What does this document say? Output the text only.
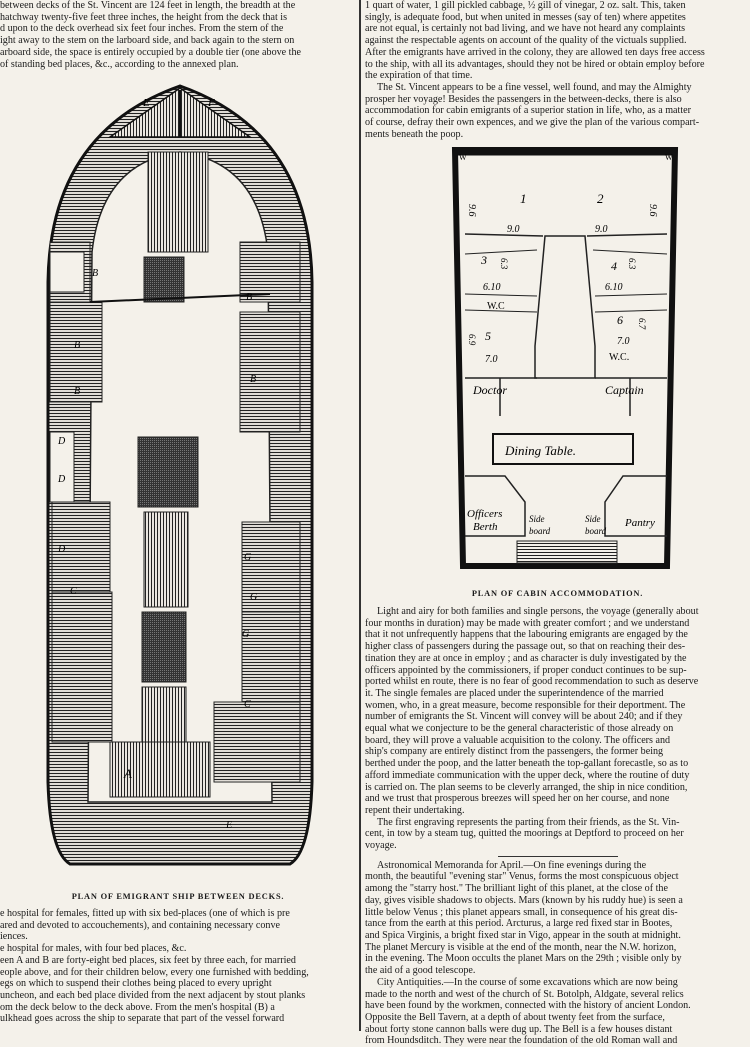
between decks of the St. Vincent are 124 feet in length, the breadth at the

hatchway twenty-five feet three inches, the height from the deck that is

d upon to the deck overhead six feet four inches. From the stern of the

ight away to the stem on the larboard side, and back again to the stern on

arboard side, the space is entirely occupied by a double tier (one above the

of standing bed places, &c., according to the annexed plan.

E	F
B
B
B
B
B
D
D
D
G
G
G
C
C
A
E

PLAN OF EMIGRANT SHIP BETWEEN DECKS.

e hospital for females, fitted up with six bed-places (one of which is pre

ared and devoted to accouchements), and containing necessary conve

iences.

e hospital for males, with four bed places, &c.

een A and B are forty-eight bed places, six feet by three each, for married

eople above, and for their children below, every one furnished with bedding,

egs on which to suspend their clothes being placed to every upright

uncheon, and each bed place divided from the next adjacent by stout planks

om the deck below to the deck above. From the men's hospital (B) a

ulkhead goes across the ship to separate that part of the vessel forward

1 quart of water, 1 gill pickled cabbage, ½ gill of vinegar, 2 oz. salt. This, taken

singly, is adequate food, but when united in messes (say of ten) where appetites

are not equal, is certainly not bad living, and we have not heard any complaints

against the respectable agents on account of the quality of the victuals supplied.

After the emigrants have arrived in the colony, they are allowed ten days free access

to the ship, with all its advantages, should they not be hired or obtain employ before

the expiration of that time.

The St. Vincent appears to be a fine vessel, well found, and may the Almighty

prosper her voyage! Besides the passengers in the between-decks, there is also

accommodation for cabin emigrants of a superior station in life, who, as a matter

of course, defray their own expences, and we give the plan of the various compart-

ments beneath the poop.

W	W
1	2
9.6	9.6
9.0	9.0
3 6.3	4 6.3
6.10	6.10
W.C
5
6.9
7.0
6 6.7
7.0
W.C.
Doctor	Captain
Dining Table.
Officers
Berth
Side
board
Side
board
Pantry

PLAN OF CABIN ACCOMMODATION.

Light and airy for both families and single persons, the voyage (generally about

four months in duration) may be made with greater comfort ; and we understand

that it not unfrequently happens that the labouring emigrants are engaged by the

higher class of passengers during the passage out, so that on reaching their des-

tination they are at once in employ ; and as character is duly investigated by the

officers appointed by the commissioners, if proper conduct continues to be sup-

ported whilst en route, there is no fear of good recommendation to such as deserve

it. The single females are placed under the superintendence of the married

women, who, in a great measure, become responsible for their deportment. The

number of emigrants the St. Vincent will convey will be about 240; and if they

equal what we conjecture to be the general characteristic of those already on

board, they will prove a valuable acquisition to the colony. The officers and

ship's company are entirely distinct from the passengers, the former being

berthed under the poop, and the latter beneath the top-gallant forecastle, so as to

afford immediate communication with the upper deck, where the routine of duty

is carried on. The plan seems to be cleverly arranged, the ship in nice condition,

and we trust that prosperous breezes will speed her on her course, and none

repent their undertaking.

The first engraving represents the parting from their friends, as the St. Vin-

cent, in tow by a steam tug, quitted the moorings at Deptford to proceed on her

voyage.

Astronomical Memoranda for April.—On fine evenings during the

month, the beautiful "evening star" Venus, forms the most conspicuous object

among the "starry host." The brilliant light of this planet, at the close of the

day, gives visible shadows to objects. Mars (known by his ruddy hue) is seen a

little below Venus ; this planet appears small, in consequence of his great dis-

tance from the earth at this period. Arcturus, a large red fixed star in Bootes,

and Spica Virginis, a bright fixed star in Vigo, appear in the south at midnight.

The planet Mercury is visible at the end of the month, near the N.W. horizon,

in the evening. The Moon occults the planet Mars on the 29th ; visible only by

the aid of a good telescope.

City Antiquities.—In the course of some excavations which are now being

made to the north and west of the church of St. Botolph, Aldgate, several relics

have been found by the workmen, connected with the history of ancient London.

Opposite the Bell Tavern, at a depth of about twenty feet from the surface,

about forty stone cannon balls were dug up. The Bell is a few houses distant

from Houndsditch. They were near the foundation of the old Roman wall and
